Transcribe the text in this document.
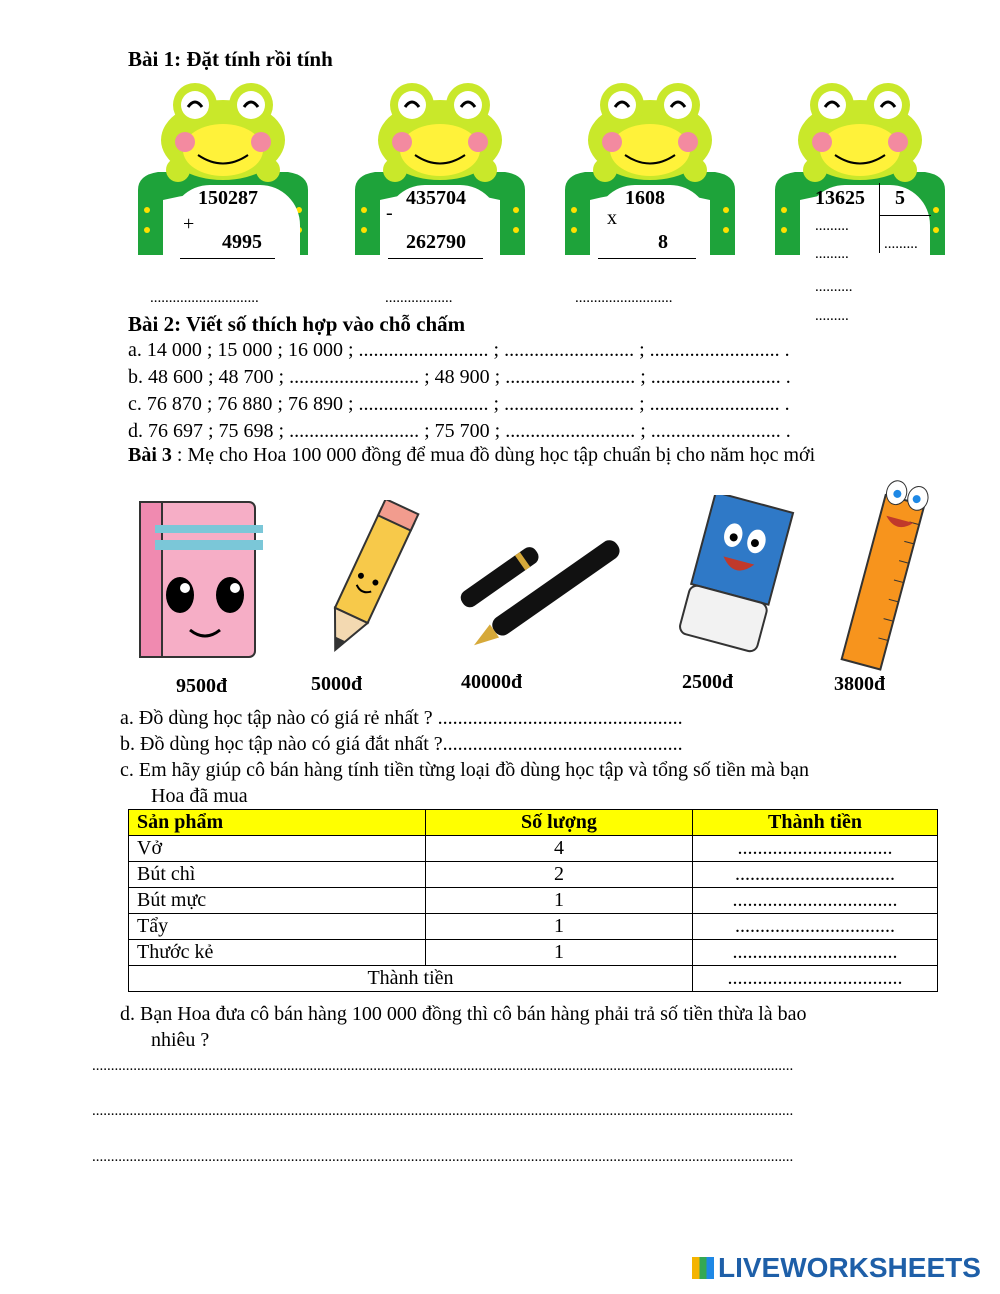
Bài 1: Đặt tính rồi tính
150287
+
4995
.............................
435704
-
262790
..................
1608
x
8
..........................
13625 5
.........
.........
.........
..........
.........
Bài 2: Viết số thích hợp vào chỗ chấm
a. 14 000 ; 15 000 ; 16 000 ; .......................... ; .......................... ; .......................... .
b. 48 600 ; 48 700 ; .......................... ; 48 900 ; .......................... ; .......................... .
c. 76 870 ; 76 880 ; 76 890 ; .......................... ; .......................... ; .......................... .
d. 76 697 ; 75 698 ; .......................... ; 75 700 ; .......................... ; .......................... .
Bài 3 : Mẹ cho Hoa 100 000 đồng để mua đồ dùng học tập chuẩn bị cho năm học mới
9500đ	5000đ	40000đ	2500đ	3800đ
a. Đồ dùng học tập nào có giá rẻ nhất ? .................................................
b. Đồ dùng học tập nào có giá đắt nhất ?................................................
c. Em hãy giúp cô bán hàng tính tiền từng loại đồ dùng học tập và tổng số tiền mà bạn
Hoa đã mua
Sản phẩm	Số lượng	Thành tiền
Vở	4	...............................
Bút chì	2	................................
Bút mực	1	.................................
Tẩy	1	................................
Thước kẻ	1	.................................
Thành tiền		...................................
d. Bạn Hoa đưa cô bán hàng 100 000 đồng thì cô bán hàng phải trả số tiền thừa là bao
nhiêu ?
...........................................................................................................................................................................................
...........................................................................................................................................................................................
...........................................................................................................................................................................................
LIVEWORKSHEETS
